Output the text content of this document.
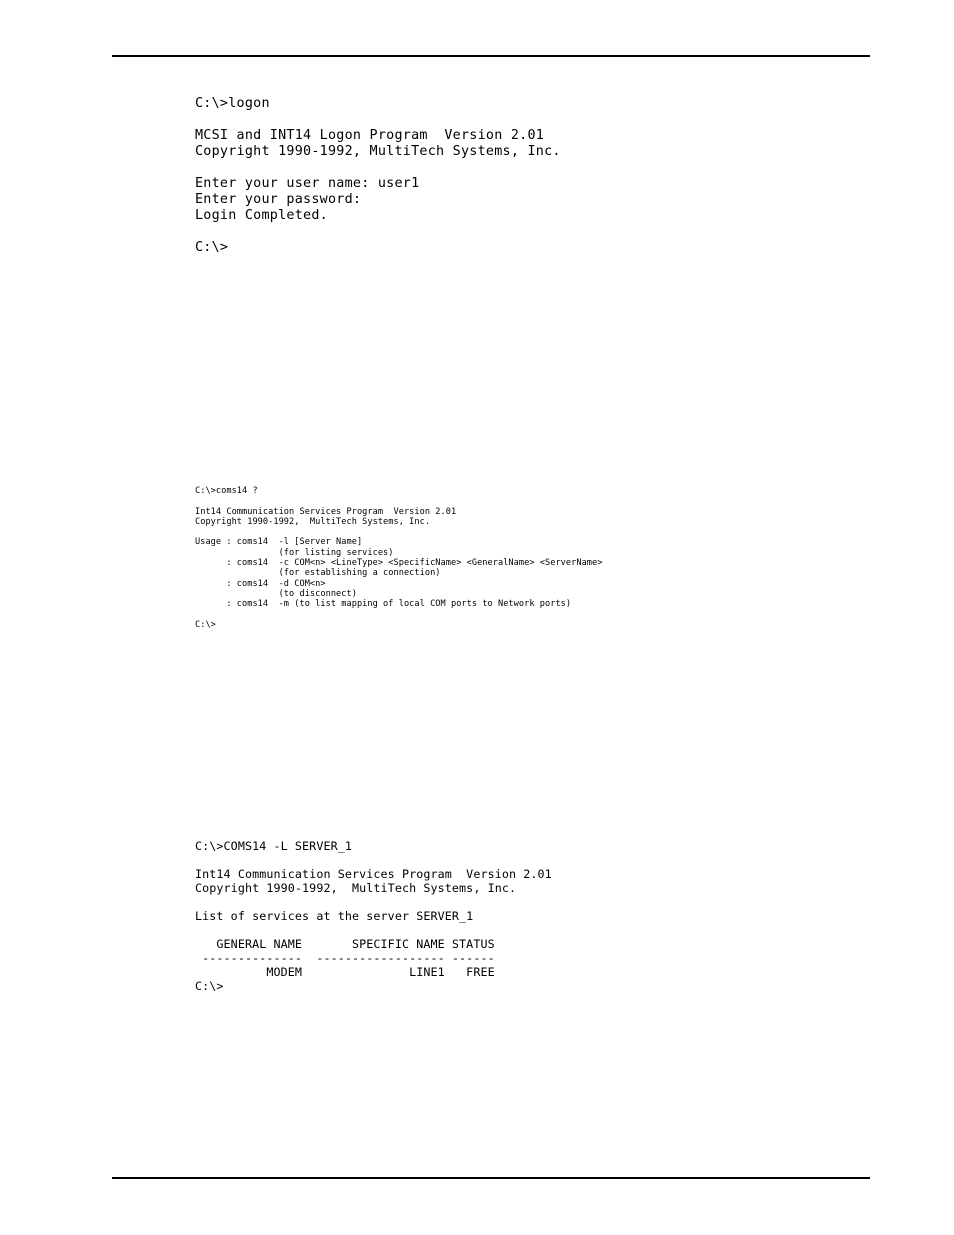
C:\>logon
MCSI and INT14 Logon Program  Version 2.01
Copyright 1990-1992, MultiTech Systems, Inc.
Enter your user name: user1
Enter your password:
Login Completed.
C:\>
C:\>coms14 ?
Int14 Communication Services Program  Version 2.01
Copyright 1990-1992,  MultiTech Systems, Inc.
Usage : coms14  -l [Server Name]
(for listing services)
: coms14  -c COM<n> <LineType> <SpecificName> <GeneralName> <ServerName>
(for establishing a connection)
: coms14  -d COM<n>
(to disconnect)
: coms14  -m (to list mapping of local COM ports to Network ports)
C:\>
C:\>COMS14 -L SERVER_1
Int14 Communication Services Program  Version 2.01
Copyright 1990-1992,  MultiTech Systems, Inc.
List of services at the server SERVER_1
GENERAL NAME       SPECIFIC NAME STATUS
--------------  ------------------ ------
MODEM               LINE1   FREE
C:\>
